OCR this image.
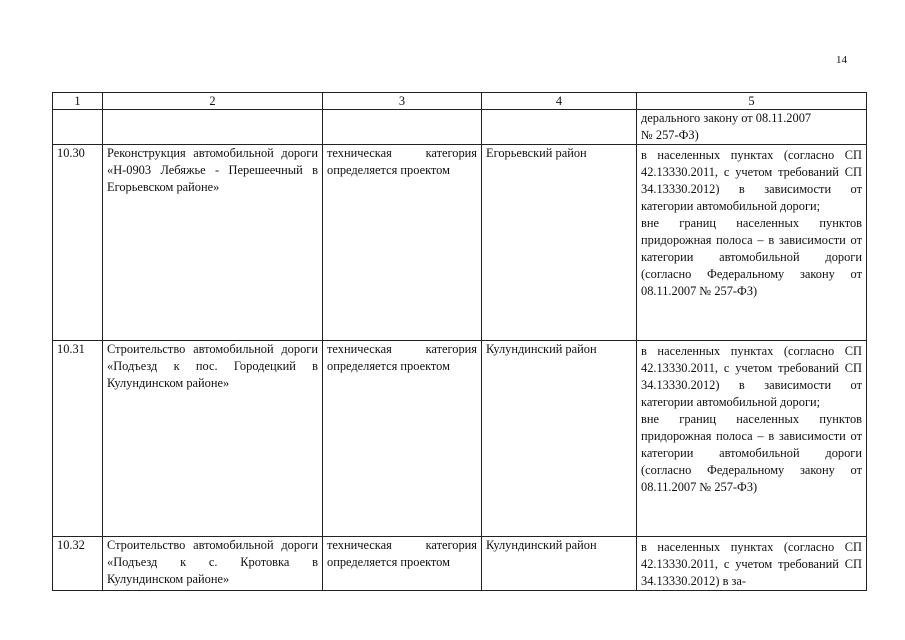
14
1	2	3	4	5

				дерального закону от 08.11.2007
№ 257-ФЗ)

10.30	Реконструкция автомобильной дороги «Н-0903 Лебяжье - Перешеечный в Егорьевском районе»	техническая категория определяется проектом	Егорьевский район	в населенных пунктах (согласно СП 42.13330.2011, с учетом требований СП 34.13330.2012) в зависимости от категории автомобильной дороги;

вне границ населенных пунктов придорожная полоса – в зависимости от категории автомобильной дороги (согласно Федеральному закону от 08.11.2007 № 257-ФЗ)

10.31	Строительство автомобильной дороги «Подъезд к пос. Городецкий в Кулундинском районе»	техническая категория определяется проектом	Кулундинский район	в населенных пунктах (согласно СП 42.13330.2011, с учетом требований СП 34.13330.2012) в зависимости от категории автомобильной дороги;

вне границ населенных пунктов придорожная полоса – в зависимости от категории автомобильной дороги (согласно Федеральному закону от 08.11.2007 № 257-ФЗ)

10.32	Строительство автомобильной дороги «Подъезд к с. Кротовка в Кулундинском районе»	техническая категория определяется проектом	Кулундинский район	в населенных пунктах (согласно СП 42.13330.2011, с учетом требований СП 34.13330.2012) в за-
